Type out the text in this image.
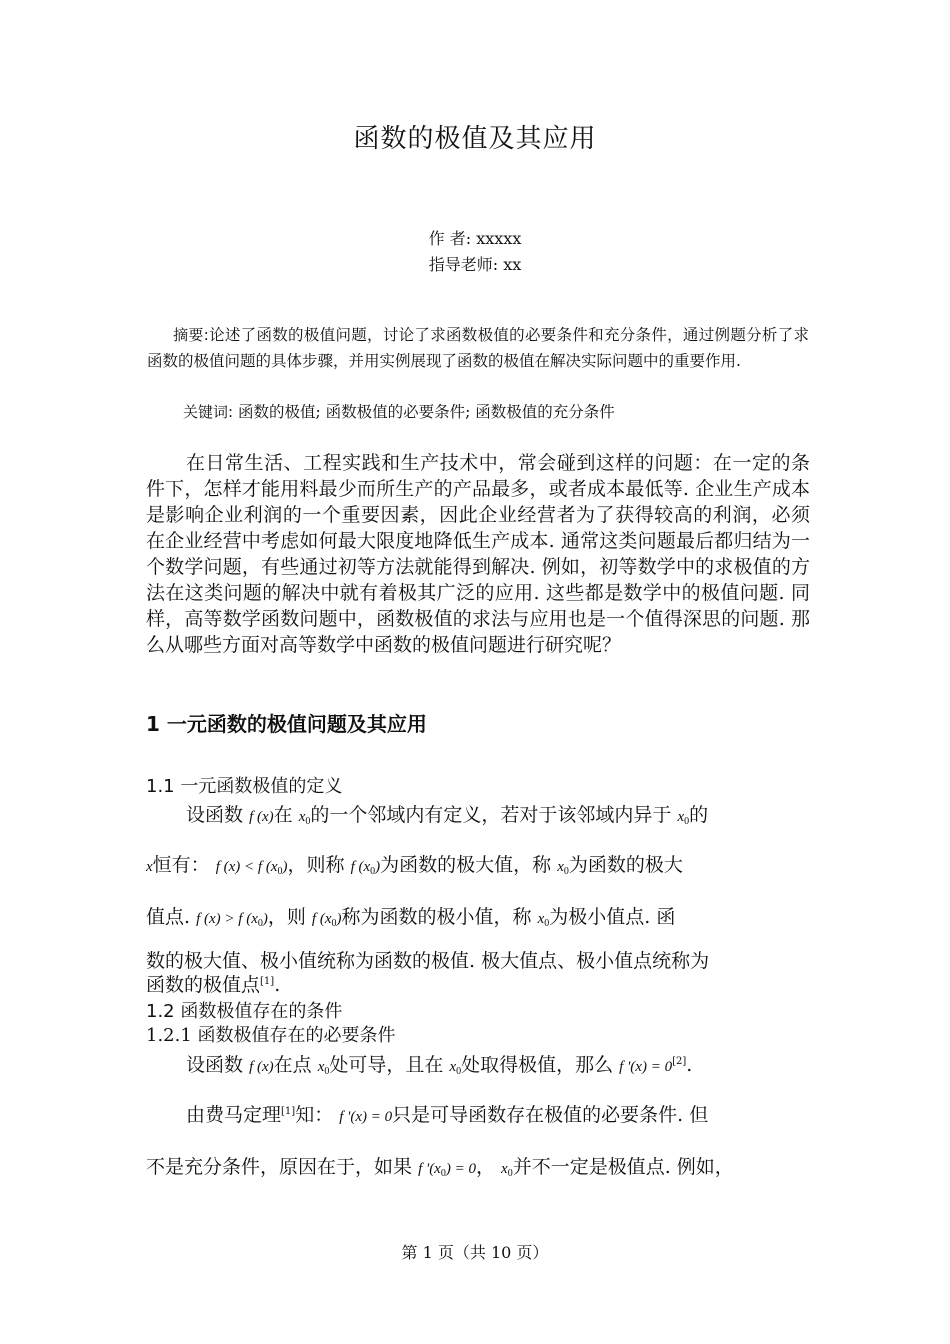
函数的极值及其应用
作 者: xxxxx
指导老师: xx
摘要:论述了函数的极值问题，讨论了求函数极值的必要条件和充分条件，通过例题分析了求函数的极值问题的具体步骤，并用实例展现了函数的极值在解决实际问题中的重要作用.
关键词: 函数的极值; 函数极值的必要条件; 函数极值的充分条件
在日常生活、工程实践和生产技术中，常会碰到这样的问题：在一定的条件下，怎样才能用料最少而所生产的产品最多，或者成本最低等. 企业生产成本是影响企业利润的一个重要因素，因此企业经营者为了获得较高的利润，必须在企业经营中考虑如何最大限度地降低生产成本. 通常这类问题最后都归结为一个数学问题，有些通过初等方法就能得到解决. 例如，初等数学中的求极值的方法在这类问题的解决中就有着极其广泛的应用. 这些都是数学中的极值问题. 同样，高等数学函数问题中，函数极值的求法与应用也是一个值得深思的问题. 那么从哪些方面对高等数学中函数的极值问题进行研究呢？
1 一元函数的极值问题及其应用
1.1 一元函数极值的定义
设函数 f (x)在 $x_0$的一个邻域内有定义，若对于该邻域内异于 $x_0$的
x恒有： f (x) < f $(x_0)$，则称 f $(x_0)$为函数的极大值，称 $x_0$为函数的极大
值点. f (x) > f $(x_0)$，则 f $(x_0)$称为函数的极小值，称 $x_0$为极小值点. 函
数的极大值、极小值统称为函数的极值. 极大值点、极小值点统称为
函数的极值点[1].
1.2 函数极值存在的条件
1.2.1 函数极值存在的必要条件
设函数 f (x)在点 $x_0$处可导，且在 $x_0$处取得极值，那么 f '(x) = 0[2].
由费马定理[1]知： f '(x) = 0只是可导函数存在极值的必要条件. 但
不是充分条件，原因在于，如果 f '$(x_0) = 0$， $x_0$并不一定是极值点. 例如，
第 1 页（共 10 页）
